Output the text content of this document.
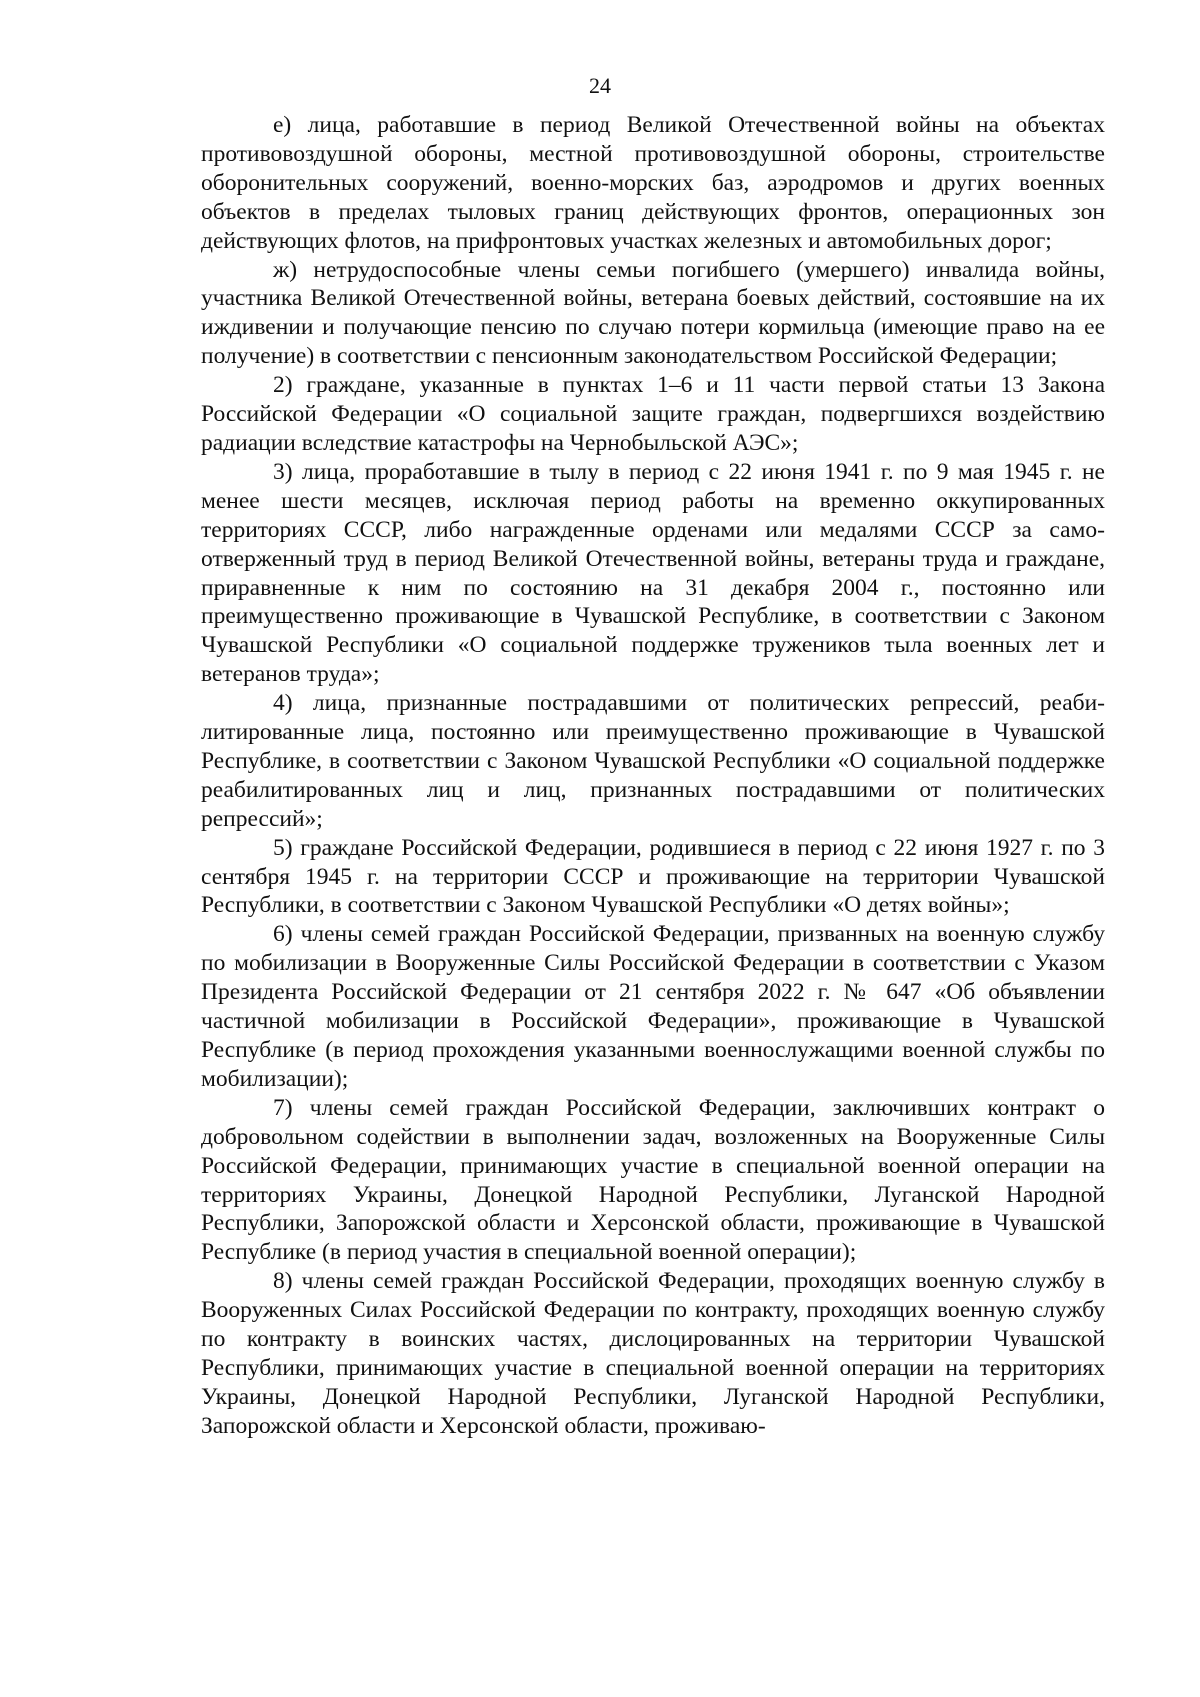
24

е) лица, работавшие в период Великой Отечественной войны на объектах противовоздушной обороны, местной противовоздушной обороны, строительстве оборонительных сооружений, военно-морских баз, аэродромов и других военных объектов в пределах тыловых границ действующих фронтов, операционных зон действующих флотов, на прифронтовых участках железных и автомобильных дорог;

ж) нетрудоспособные члены семьи погибшего (умершего) инвалида войны, участника Великой Отечественной войны, ветерана боевых действий, состоявшие на их иждивении и получающие пенсию по случаю потери кормильца (имеющие право на ее получение) в соответствии с пенсионным законодательством Российской Федерации;

2) граждане, указанные в пунктах 1–6 и 11 части первой статьи 13 Закона Российской Федерации «О социальной защите граждан, подвергшихся воздействию радиации вследствие катастрофы на Чернобыльской АЭС»;

3) лица, проработавшие в тылу в период с 22 июня 1941 г. по 9 мая 1945 г. не менее шести месяцев, исключая период работы на временно оккупированных территориях СССР, либо награжденные орденами или медалями СССР за самоотверженный труд в период Великой Отечественной войны, ветераны труда и граждане, приравненные к ним по состоянию на 31 декабря 2004 г., постоянно или преимущественно проживающие в Чувашской Республике, в соответствии с Законом Чувашской Республики «О социальной поддержке тружеников тыла военных лет и ветеранов труда»;

4) лица, признанные пострадавшими от политических репрессий, реабилитированные лица, постоянно или преимущественно проживающие в Чувашской Республике, в соответствии с Законом Чувашской Республики «О социальной поддержке реабилитированных лиц и лиц, признанных пострадавшими от политических репрессий»;

5) граждане Российской Федерации, родившиеся в период с 22 июня 1927 г. по 3 сентября 1945 г. на территории СССР и проживающие на территории Чувашской Республики, в соответствии с Законом Чувашской Республики «О детях войны»;

6) члены семей граждан Российской Федерации, призванных на военную службу по мобилизации в Вооруженные Силы Российской Федерации в соответствии с Указом Президента Российской Федерации от 21 сентября 2022 г. № 647 «Об объявлении частичной мобилизации в Российской Федерации», проживающие в Чувашской Республике (в период прохождения указанными военнослужащими военной службы по мобилизации);

7) члены семей граждан Российской Федерации, заключивших контракт о добровольном содействии в выполнении задач, возложенных на Вооруженные Силы Российской Федерации, принимающих участие в специальной военной операции на территориях Украины, Донецкой Народной Республики, Луганской Народной Республики, Запорожской области и Херсонской области, проживающие в Чувашской Республике (в период участия в специальной военной операции);

8) члены семей граждан Российской Федерации, проходящих военную службу в Вооруженных Силах Российской Федерации по контракту, проходящих военную службу по контракту в воинских частях, дислоцированных на территории Чувашской Республики, принимающих участие в специальной военной операции на территориях Украины, Донецкой Народной Республики, Луганской Народной Республики, Запорожской области и Херсонской области, проживаю-
